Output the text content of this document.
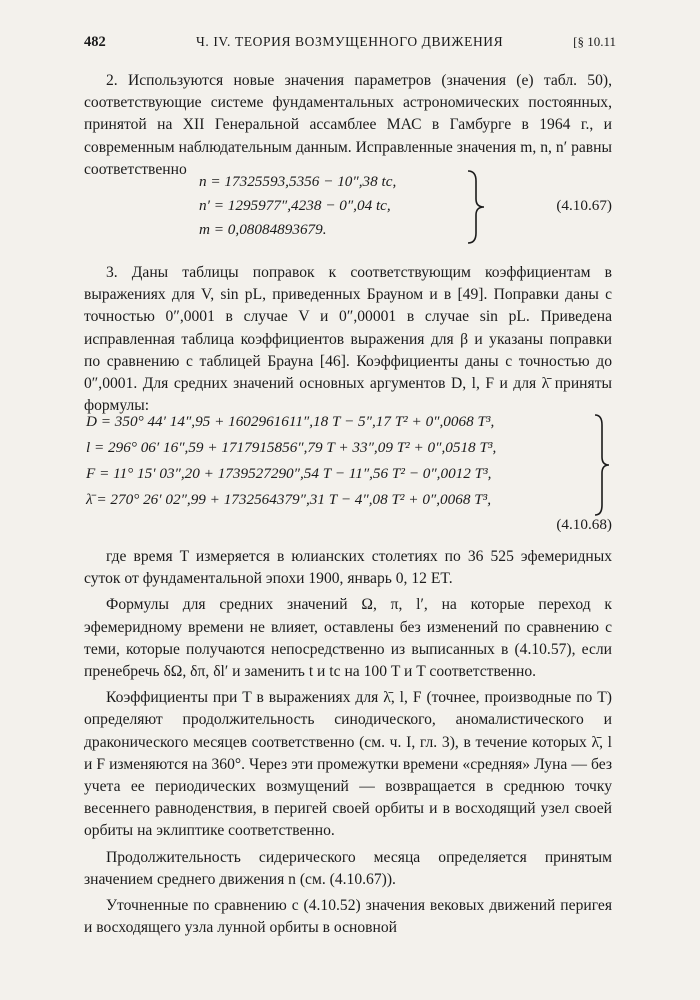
482	Ч. IV. ТЕОРИЯ ВОЗМУЩЕННОГО ДВИЖЕНИЯ	[§ 10.11

2. Используются новые значения параметров (значения (e) табл. 50), соответствующие системе фундаментальных астрономических постоянных, принятой на XII Генеральной ассамблее МАС в Гамбурге в 1964 г., и современным наблюдательным данным. Исправленные значения m, n, n′ равны соответственно

n = 17325593,5356 − 10″,38 tс,
n′ = 1295977″,4238 − 0″,04 tс,
m = 0,08084893679.
(4.10.67)

3. Даны таблицы поправок к соответствующим коэффициентам в выражениях для V, sin pL, приведенных Брауном и в [49]. Поправки даны с точностью 0″,0001 в случае V и 0″,00001 в случае sin pL. Приведена исправленная таблица коэффициентов выражения для β и указаны поправки по сравнению с таблицей Брауна [46]. Коэффициенты даны с точностью до 0″,0001. Для средних значений основных аргументов D, l, F и для λ̄ приняты формулы:

D = 350° 44′ 14″,95 + 1602961611″,18 T − 5″,17 T² + 0″,0068 T³,
l = 296° 06′ 16″,59 + 1717915856″,79 T + 33″,09 T² + 0″,0518 T³,
F = 11° 15′ 03″,20 + 1739527290″,54 T − 11″,56 T² − 0″,0012 T³,
λ̄ = 270° 26′ 02″,99 + 1732564379″,31 T − 4″,08 T² + 0″,0068 T³,
(4.10.68)

где время T измеряется в юлианских столетиях по 36 525 эфемеридных суток от фундаментальной эпохи 1900, январь 0, 12 ET.

Формулы для средних значений Ω, π, l′, на которые переход к эфемеридному времени не влияет, оставлены без изменений по сравнению с теми, которые получаются непосредственно из выписанных в (4.10.57), если пренебречь δΩ, δπ, δl′ и заменить t и tс на 100 T и T соответственно.

Коэффициенты при T в выражениях для λ̄, l, F (точнее, производные по T) определяют продолжительность синодического, аномалистического и драконического месяцев соответственно (см. ч. I, гл. 3), в течение которых λ̄, l и F изменяются на 360°. Через эти промежутки времени «средняя» Луна — без учета ее периодических возмущений — возвращается в среднюю точку весеннего равноденствия, в перигей своей орбиты и в восходящий узел своей орбиты на эклиптике соответственно.

Продолжительность сидерического месяца определяется принятым значением среднего движения n (см. (4.10.67)).

Уточненные по сравнению с (4.10.52) значения вековых движений перигея и восходящего узла лунной орбиты в основной
